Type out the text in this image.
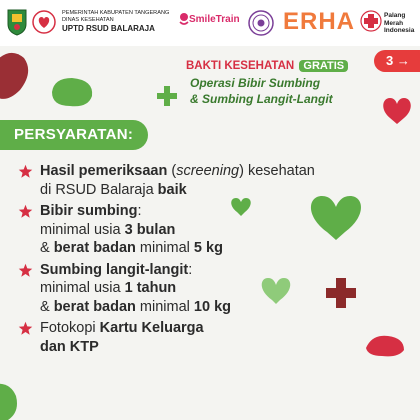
PEMERINTAH KABUPATEN TANGERANG
DINAS KESEHATAN
UPTD RSUD BALARAJA
SmileTrain ERHA	Palang
Merah
Indonesia
BAKTI KESEHATAN GRATIS
Operasi Bibir Sumbing
& Sumbing Langit-Langit
3 →
PERSYARATAN:
Hasil pemeriksaan (screening) kesehatan
di RSUD Balaraja baik
Bibir sumbing:
minimal usia 3 bulan
& berat badan minimal 5 kg
Sumbing langit-langit:
minimal usia 1 tahun
& berat badan minimal 10 kg
Fotokopi Kartu Keluarga
dan KTP
